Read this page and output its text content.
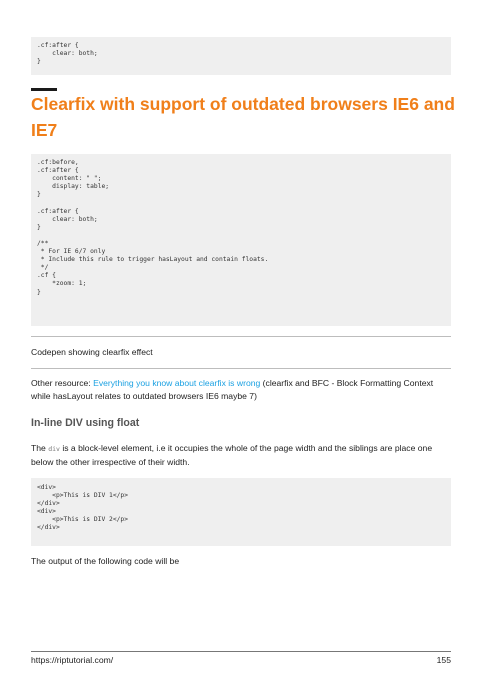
.cf:after {
clear: both;
}
Clearfix with support of outdated browsers IE6 and IE7
.cf:before,
.cf:after {
content: " ";
display: table;
}

.cf:after {
clear: both;
}

/**
* For IE 6/7 only
* Include this rule to trigger hasLayout and contain floats.
*/
.cf {
*zoom: 1;
}
Codepen showing clearfix effect
Other resource: Everything you know about clearfix is wrong (clearfix and BFC - Block Formatting Context while hasLayout relates to outdated browsers IE6 maybe 7)
In-line DIV using float
The div is a block-level element, i.e it occupies the whole of the page width and the siblings are place one below the other irrespective of their width.
<div>
<p>This is DIV 1</p>
</div>
<div>
<p>This is DIV 2</p>
</div>
The output of the following code will be
https://riptutorial.com/	155
